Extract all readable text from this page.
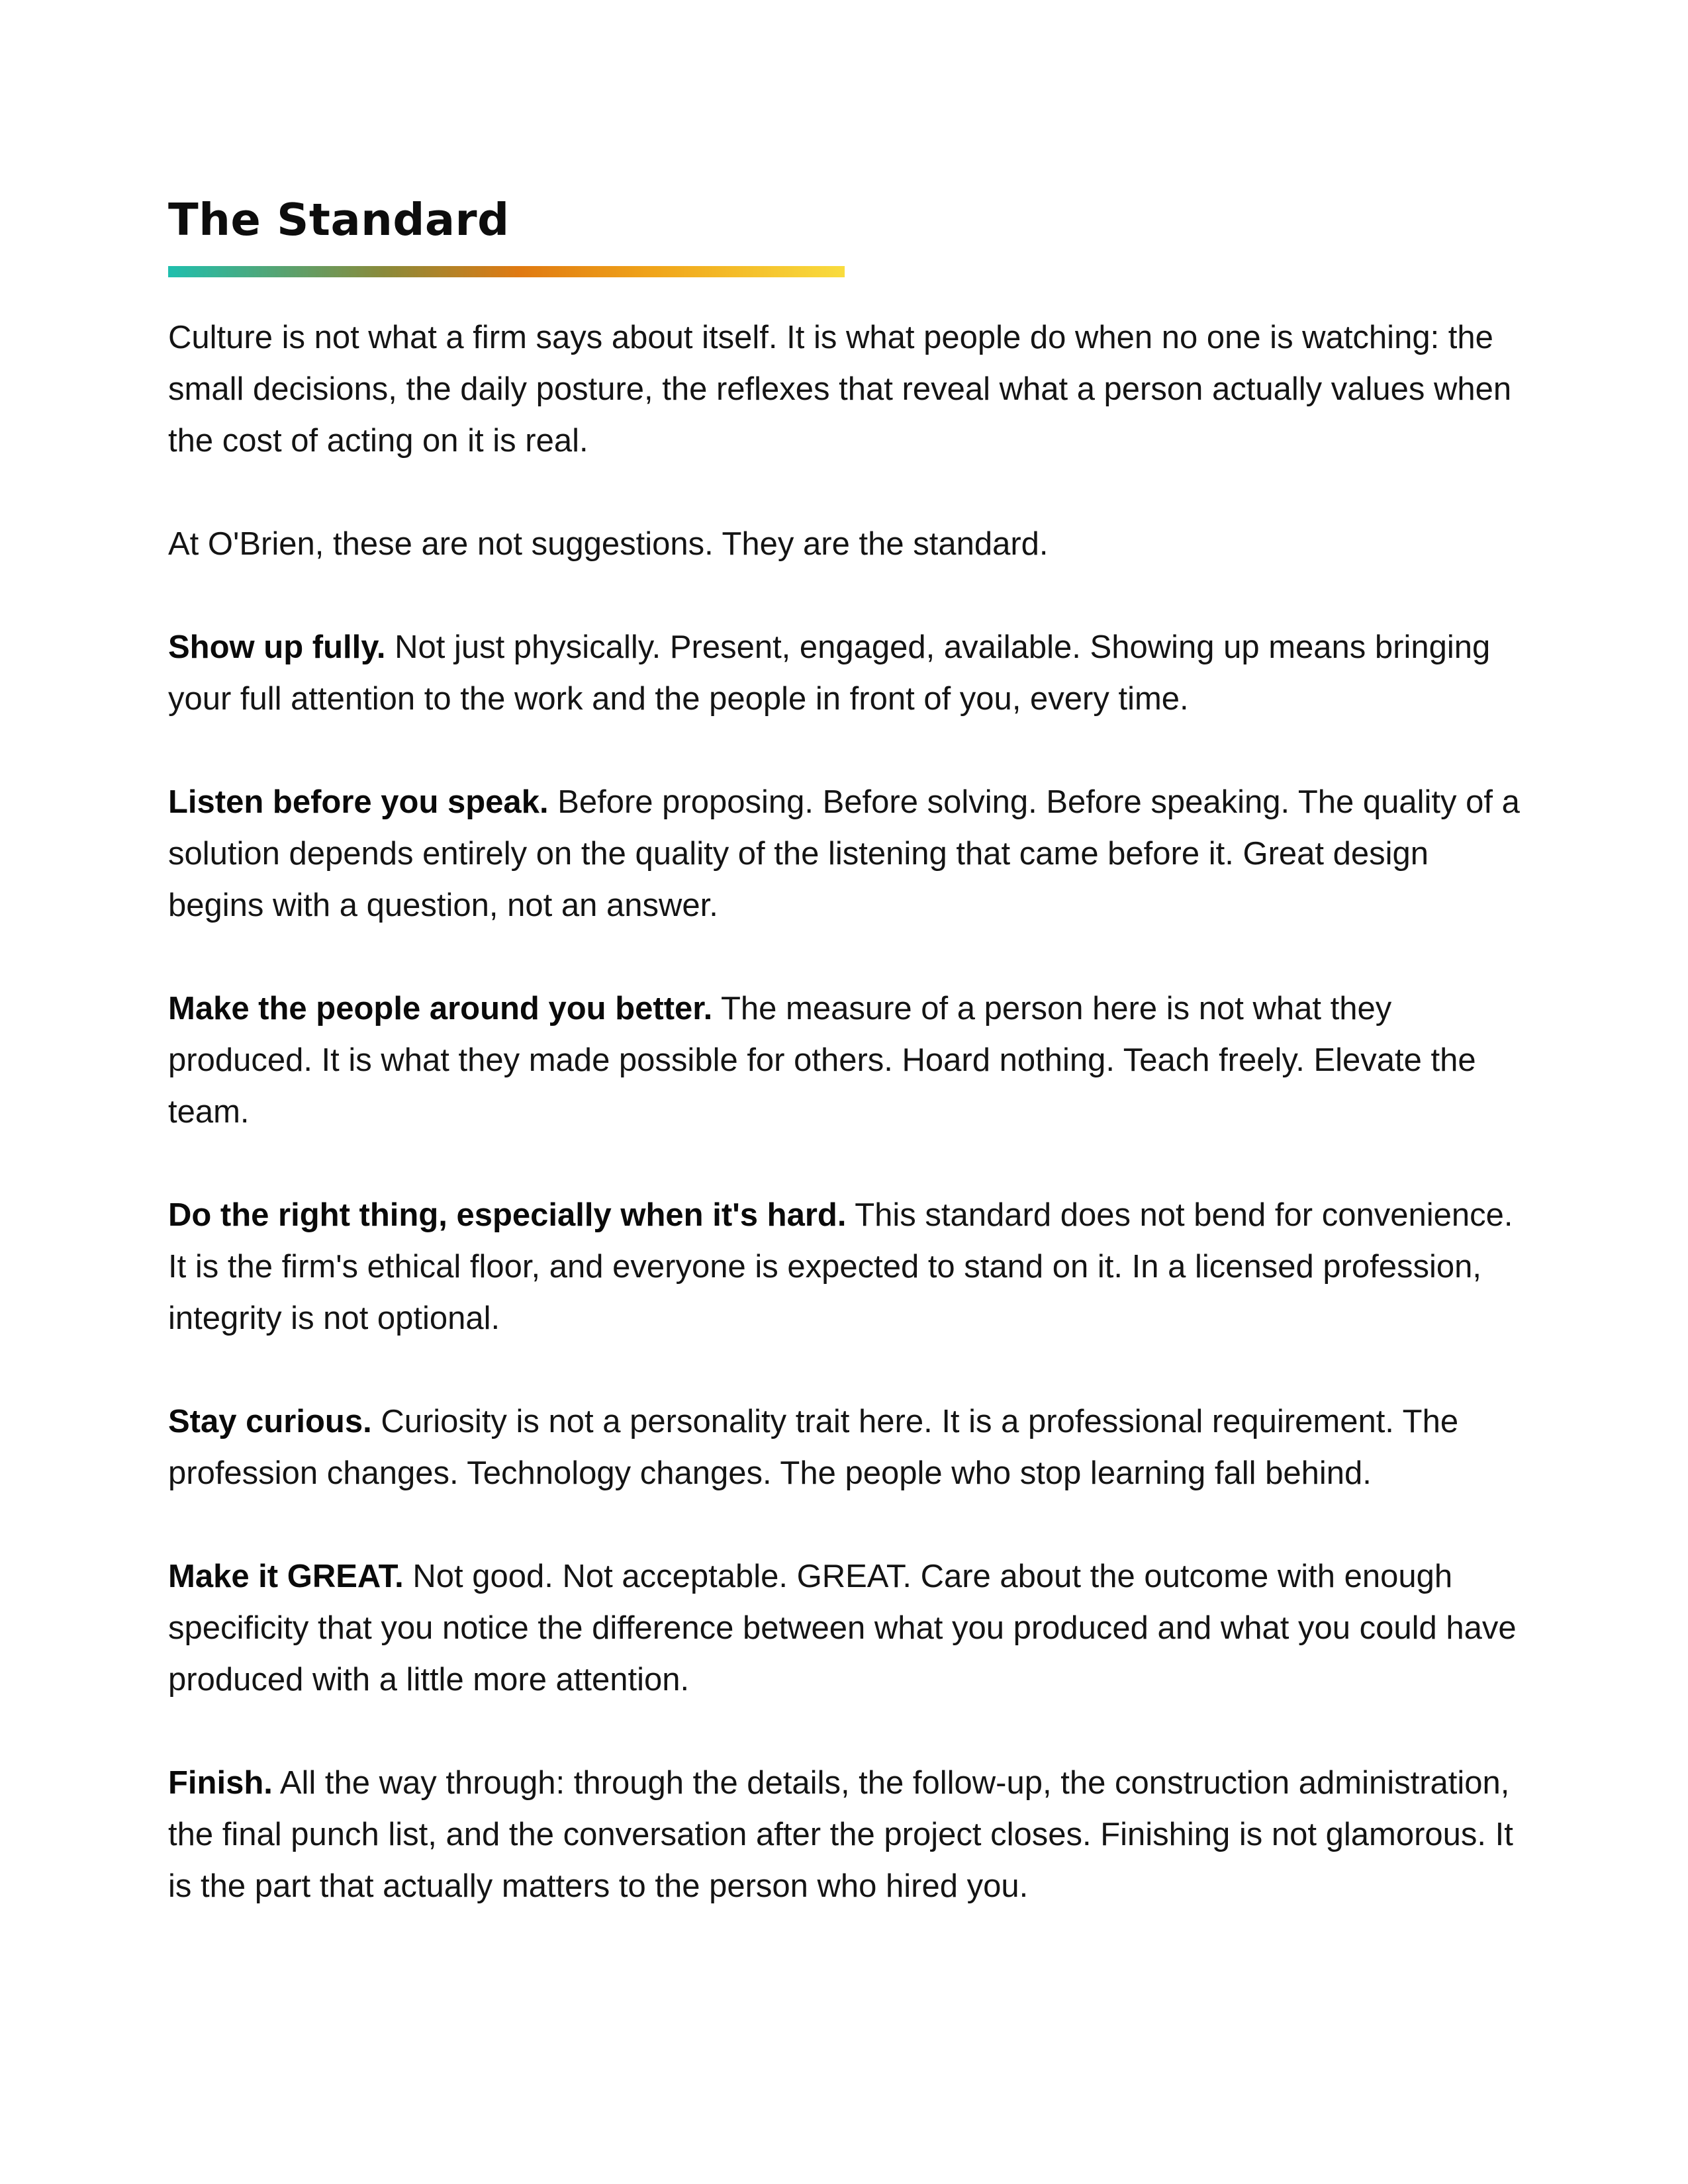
The Standard

Culture is not what a firm says about itself. It is what people do when no one is watching: the small decisions, the daily posture, the reflexes that reveal what a person actually values when the cost of acting on it is real.

At O'Brien, these are not suggestions. They are the standard.

Show up fully. Not just physically. Present, engaged, available. Showing up means bringing your full attention to the work and the people in front of you, every time.

Listen before you speak. Before proposing. Before solving. Before speaking. The quality of a solution depends entirely on the quality of the listening that came before it. Great design begins with a question, not an answer.

Make the people around you better. The measure of a person here is not what they produced. It is what they made possible for others. Hoard nothing. Teach freely. Elevate the team.

Do the right thing, especially when it's hard. This standard does not bend for convenience. It is the firm's ethical floor, and everyone is expected to stand on it. In a licensed profession, integrity is not optional.

Stay curious. Curiosity is not a personality trait here. It is a professional requirement. The profession changes. Technology changes. The people who stop learning fall behind.

Make it GREAT. Not good. Not acceptable. GREAT. Care about the outcome with enough specificity that you notice the difference between what you produced and what you could have produced with a little more attention.

Finish. All the way through: through the details, the follow-up, the construction administration, the final punch list, and the conversation after the project closes. Finishing is not glamorous. It is the part that actually matters to the person who hired you.
